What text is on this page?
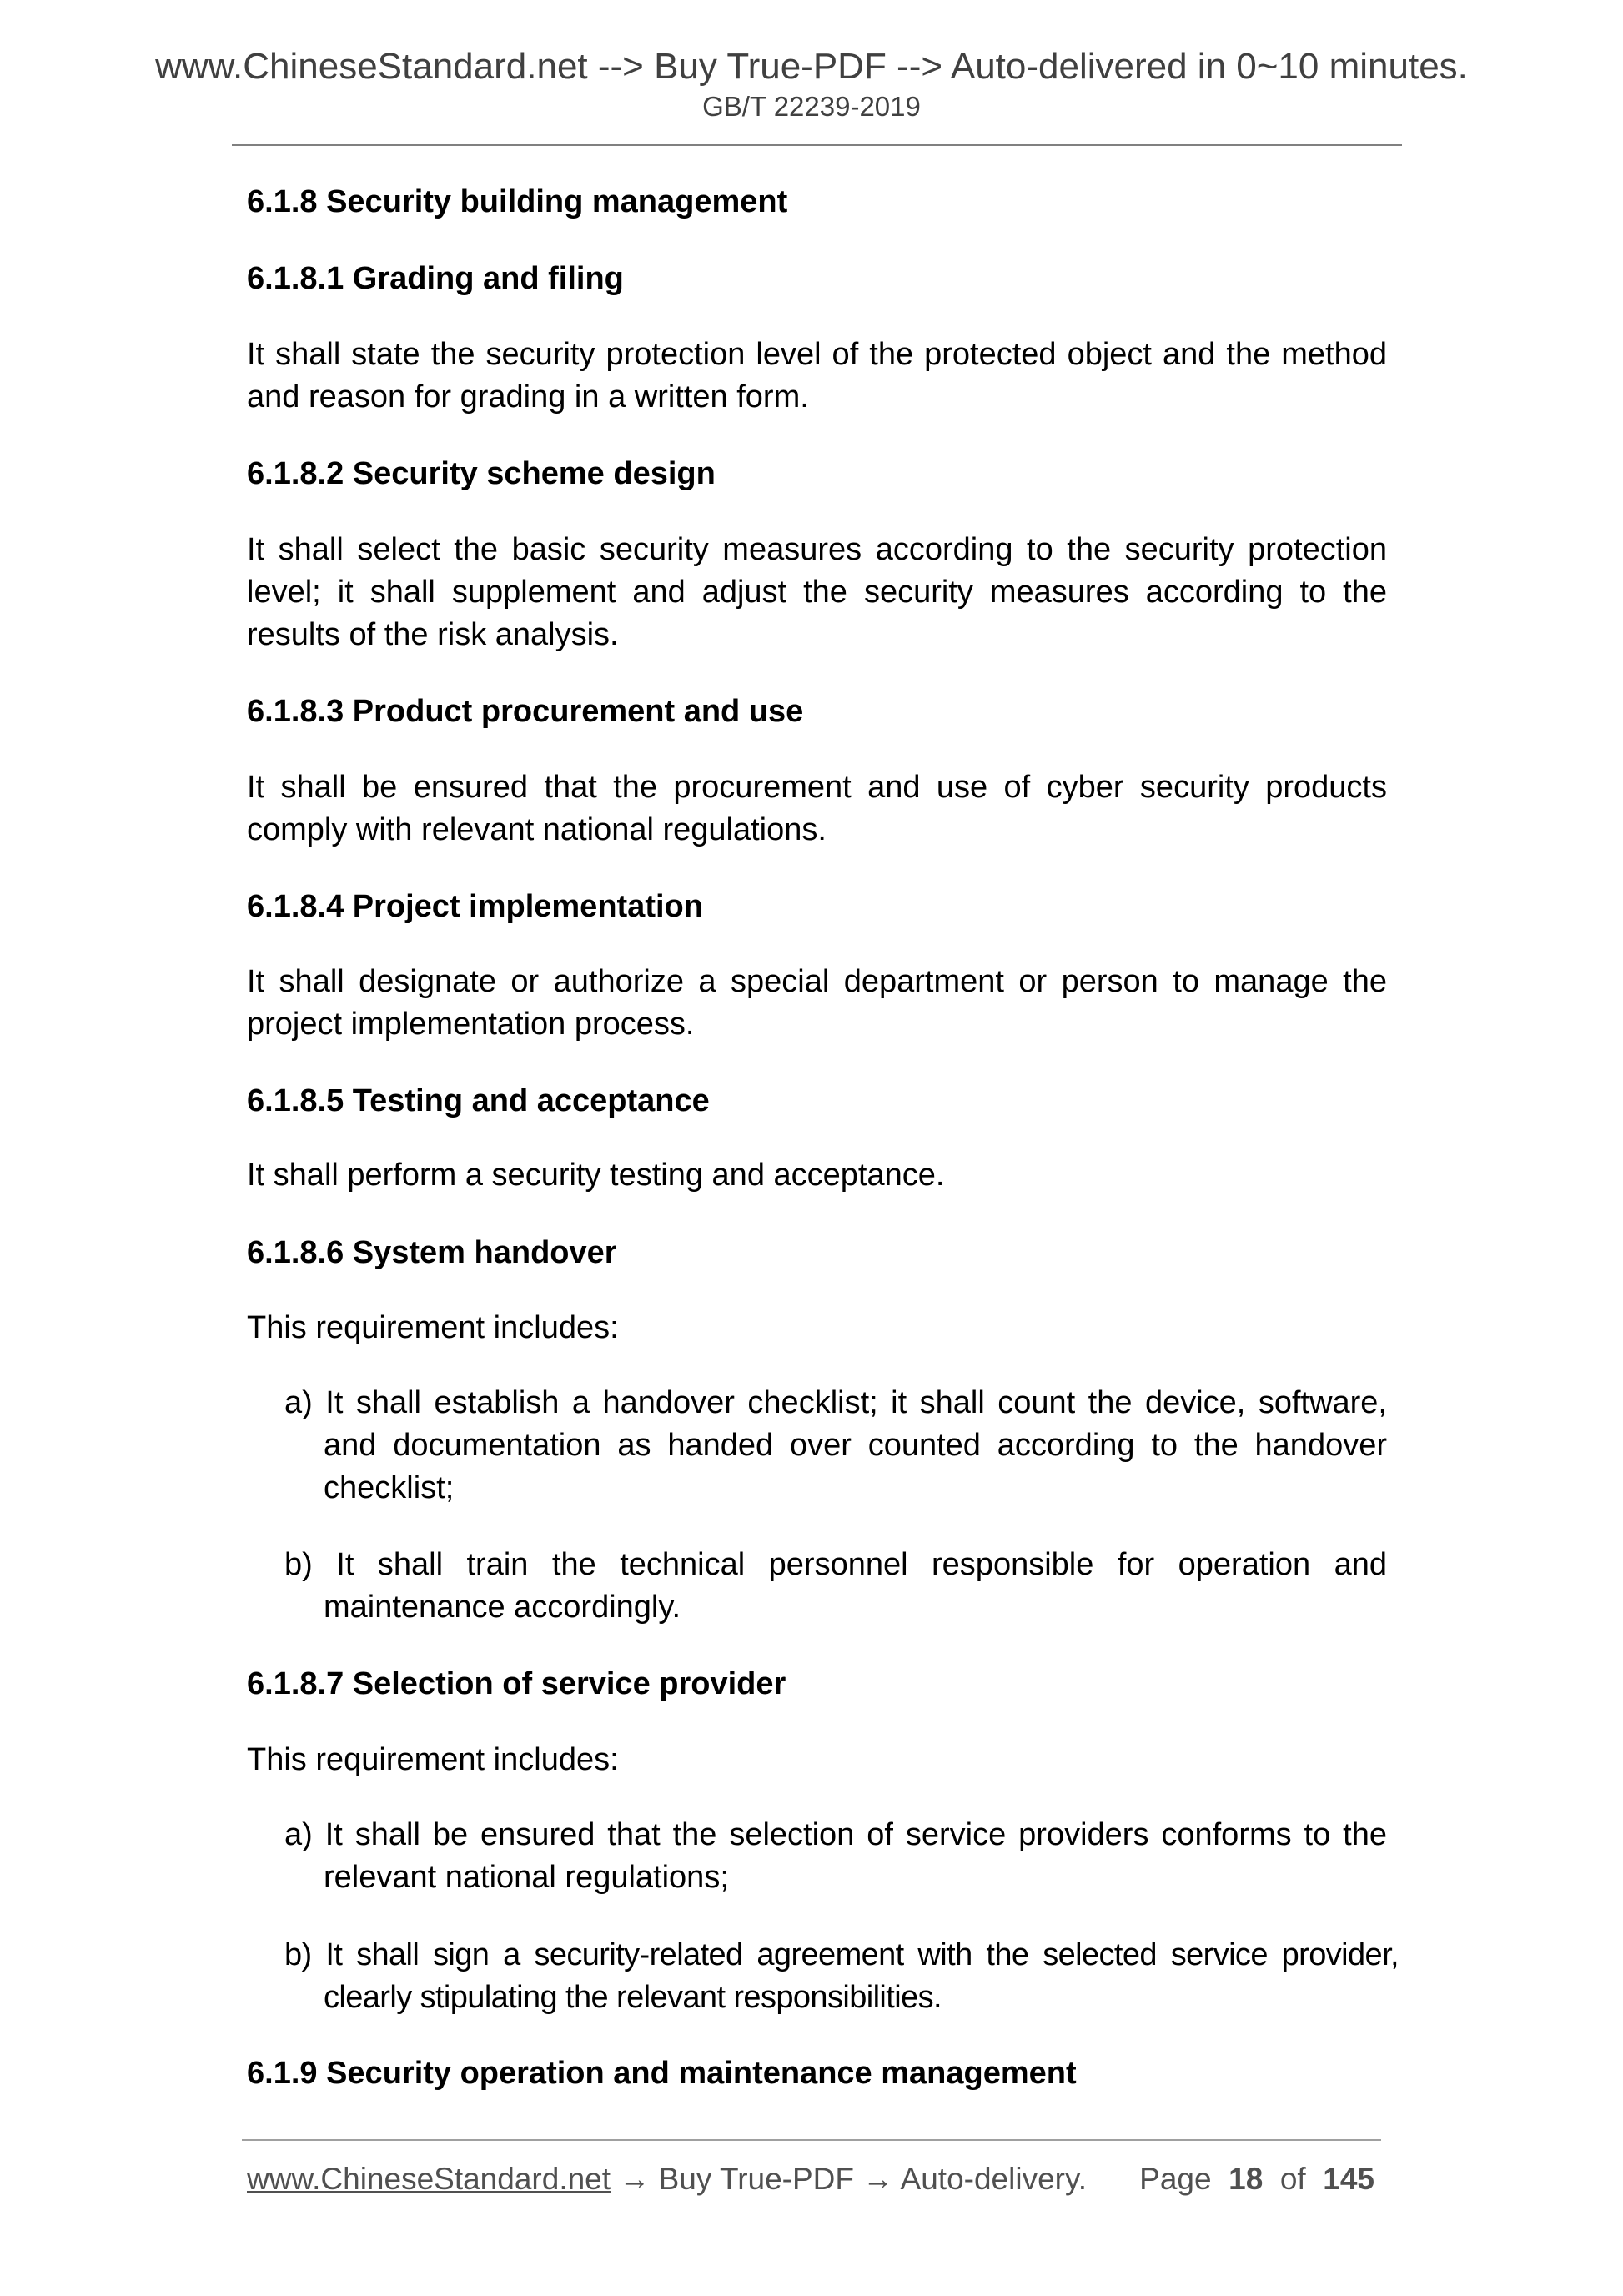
www.ChineseStandard.net --> Buy True-PDF --> Auto-delivered in 0~10 minutes.
GB/T 22239-2019
6.1.8 Security building management
6.1.8.1 Grading and filing
It shall state the security protection level of the protected object and the method and reason for grading in a written form.
6.1.8.2 Security scheme design
It shall select the basic security measures according to the security protection level; it shall supplement and adjust the security measures according to the results of the risk analysis.
6.1.8.3 Product procurement and use
It shall be ensured that the procurement and use of cyber security products comply with relevant national regulations.
6.1.8.4 Project implementation
It shall designate or authorize a special department or person to manage the project implementation process.
6.1.8.5 Testing and acceptance
It shall perform a security testing and acceptance.
6.1.8.6 System handover
This requirement includes:
a) It shall establish a handover checklist; it shall count the device, software, and documentation as handed over counted according to the handover checklist;
b) It shall train the technical personnel responsible for operation and maintenance accordingly.
6.1.8.7 Selection of service provider
This requirement includes:
a) It shall be ensured that the selection of service providers conforms to the relevant national regulations;
b) It shall sign a security-related agreement with the selected service provider, clearly stipulating the relevant responsibilities.
6.1.9 Security operation and maintenance management
www.ChineseStandard.net → Buy True-PDF → Auto-delivery. Page 18 of 145
